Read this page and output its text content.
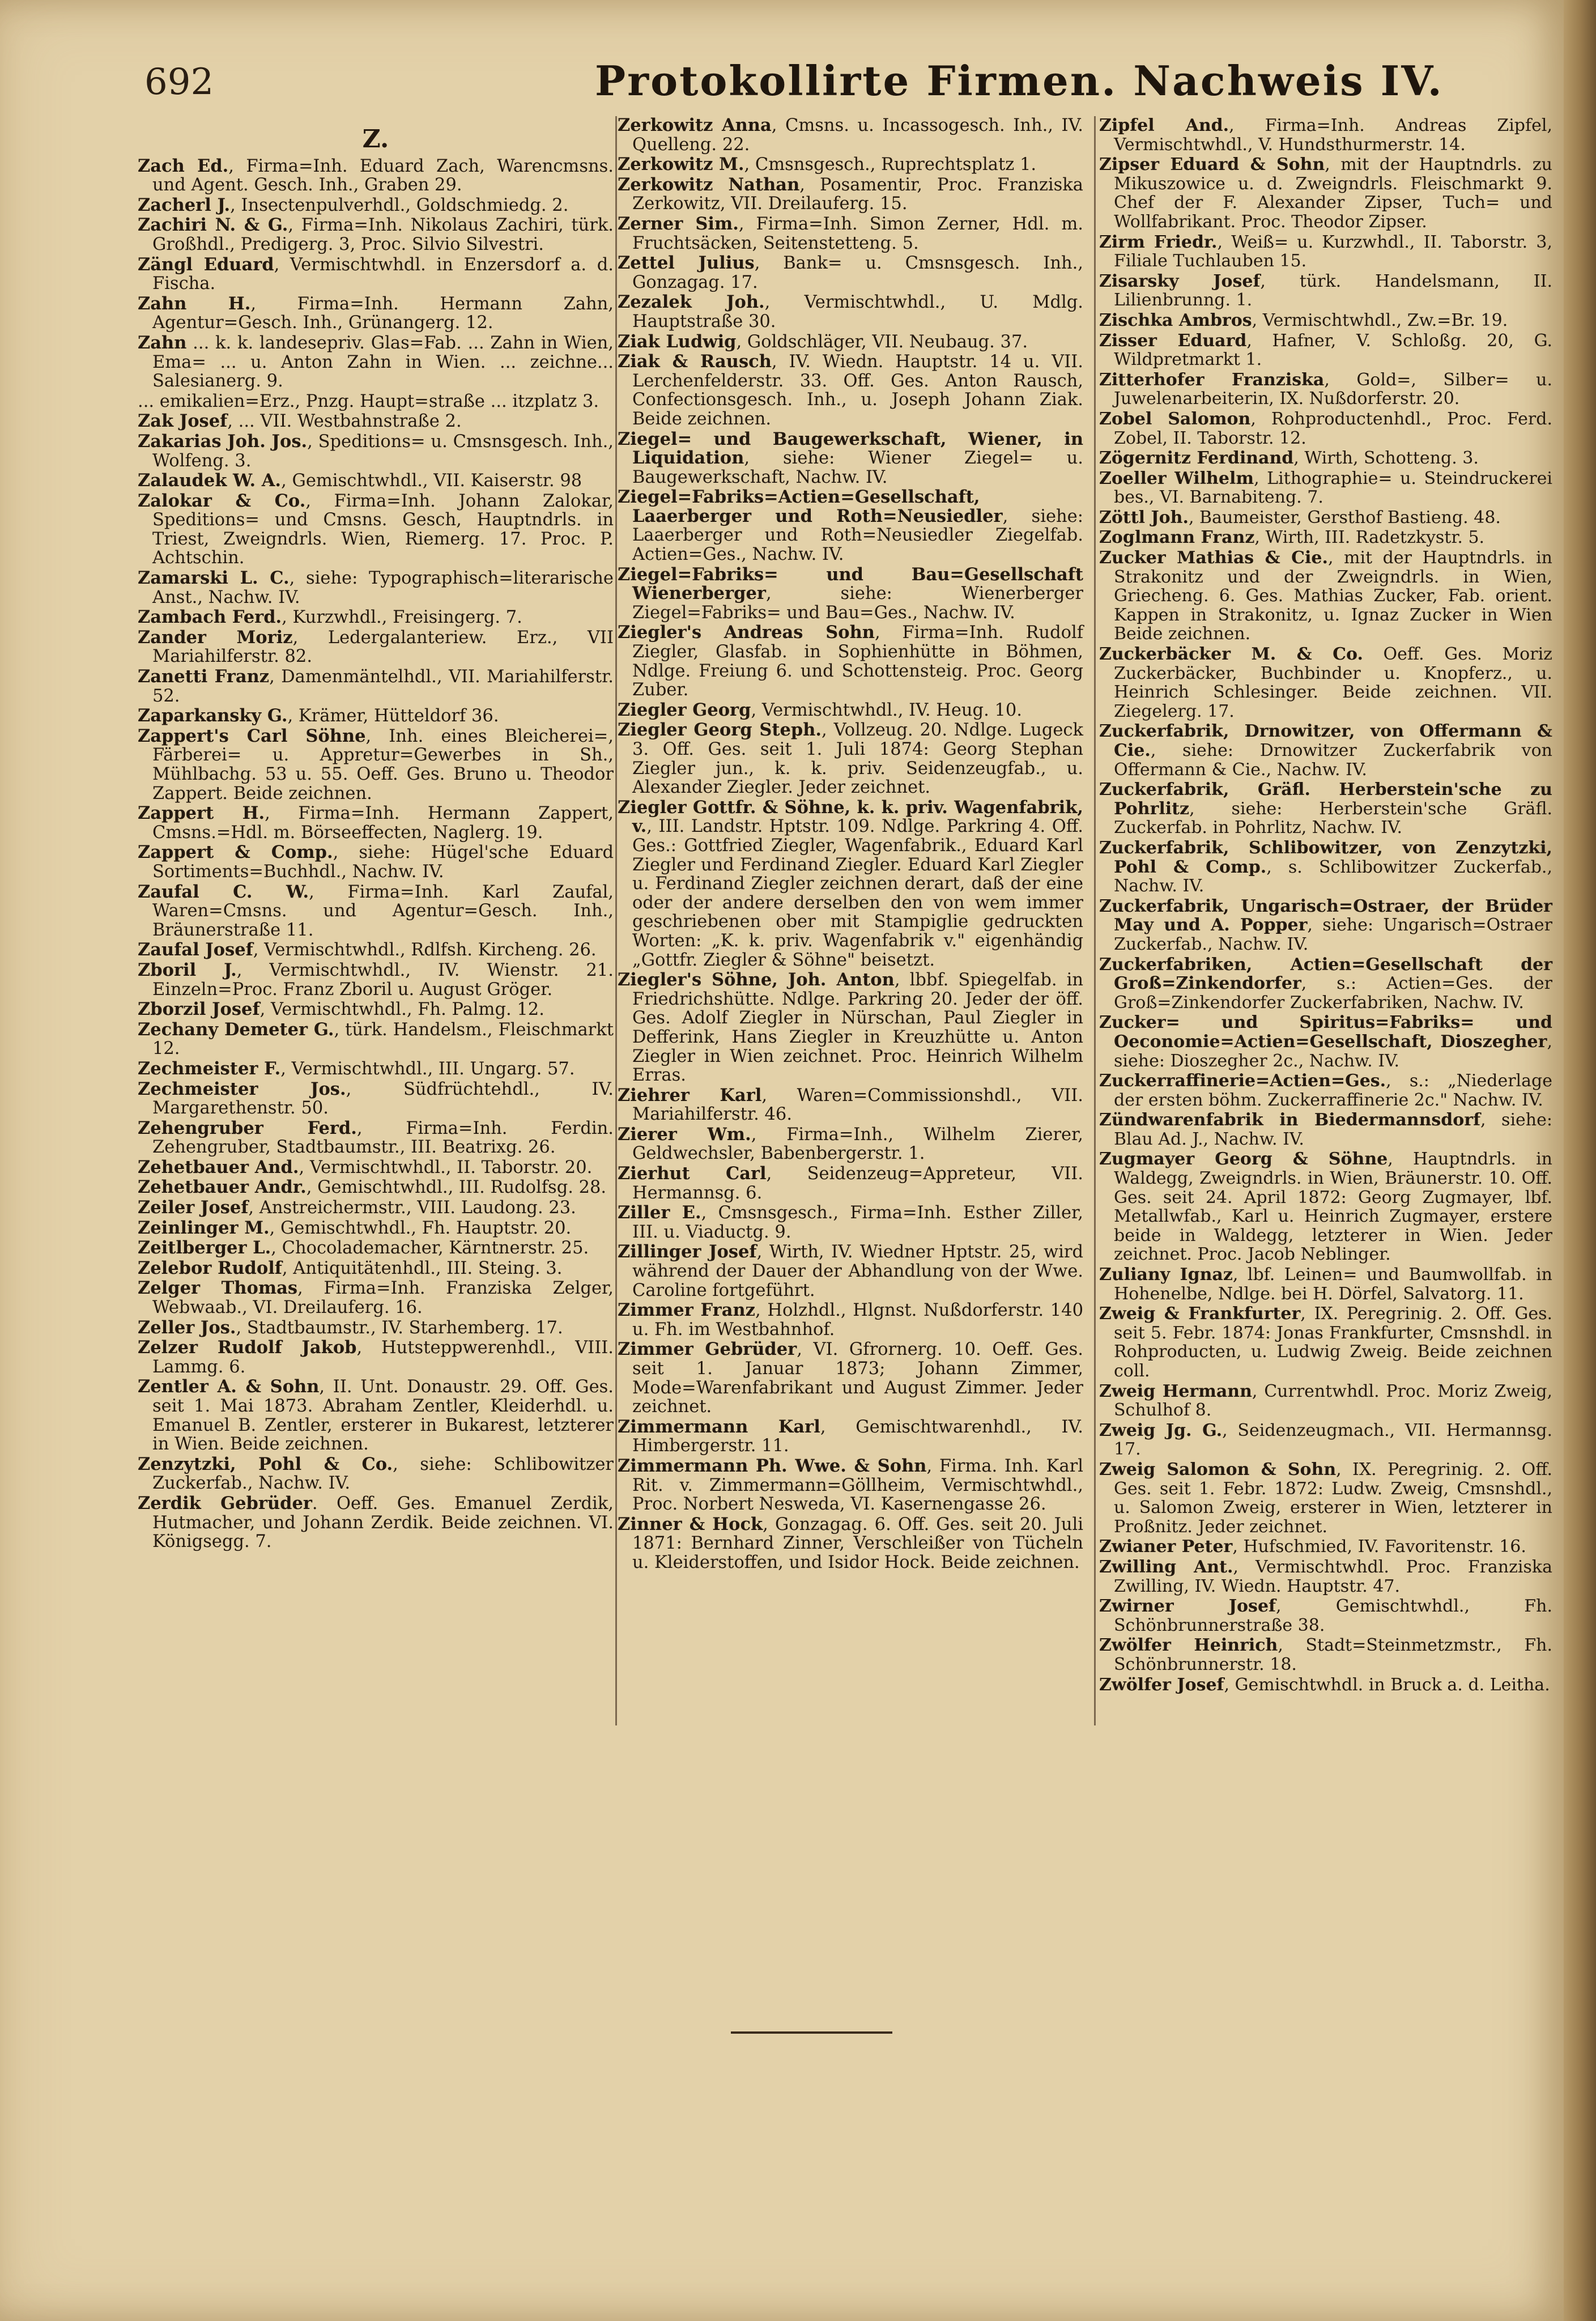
692	Protokollirte Firmen. Nachweis IV.
Z.
Zach Ed., Firma=Inh. Eduard Zach, Warencmsns. und Agent. Gesch. Inh., Graben 29.
Zacherl J., Insectenpulverhdl., Goldschmiedg. 2.
Zachiri N. & G., Firma=Inh. Nikolaus Zachiri, türk. Großhdl., Predigerg. 3, Proc. Silvio Silvestri.
Zängl Eduard, Vermischtwhdl. in Enzersdorf a. d. Fischa.
Zahn H., Firma=Inh. Hermann Zahn, Agentur=Gesch. Inh., Grünangerg. 12.
Zahn ... k. k. landesepriv. Glas=Fab. ... Zahn in Wien, Ema= ... u. Anton Zahn in Wien. ... zeichne... Salesianerg. 9.
... emikalien=Erz., Pnzg. Haupt=straße ... itzplatz 3.
Zak Josef, ... VII. Westbahnstraße 2.
Zakarias Joh. Jos., Speditions= u. Cmsnsgesch. Inh., Wolfeng. 3.
Zalaudek W. A., Gemischtwhdl., VII. Kaiserstr. 98
Zalokar & Co., Firma=Inh. Johann Zalokar, Speditions= und Cmsns. Gesch, Hauptndrls. in Triest, Zweigndrls. Wien, Riemerg. 17. Proc. P. Achtschin.
Zamarski L. C., siehe: Typographisch=literarische Anst., Nachw. IV.
Zambach Ferd., Kurzwhdl., Freisingerg. 7.
Zander Moriz, Ledergalanteriew. Erz., VII Mariahilferstr. 82.
Zanetti Franz, Damenmäntelhdl., VII. Mariahilferstr. 52.
Zaparkansky G., Krämer, Hütteldorf 36.
Zappert's Carl Söhne, Inh. eines Bleicherei=, Färberei= u. Appretur=Gewerbes in Sh., Mühlbachg. 53 u. 55. Oeff. Ges. Bruno u. Theodor Zappert. Beide zeichnen.
Zappert H., Firma=Inh. Hermann Zappert, Cmsns.=Hdl. m. Börseeffecten, Naglerg. 19.
Zappert & Comp., siehe: Hügel'sche Eduard Sortiments=Buchhdl., Nachw. IV.
Zaufal C. W., Firma=Inh. Karl Zaufal, Waren=Cmsns. und Agentur=Gesch. Inh., Bräunerstraße 11.
Zaufal Josef, Vermischtwhdl., Rdlfsh. Kircheng. 26.
Zboril J., Vermischtwhdl., IV. Wienstr. 21. Einzeln=Proc. Franz Zboril u. August Gröger.
Zborzil Josef, Vermischtwhdl., Fh. Palmg. 12.
Zechany Demeter G., türk. Handelsm., Fleischmarkt 12.
Zechmeister F., Vermischtwhdl., III. Ungarg. 57.
Zechmeister Jos., Südfrüchtehdl., IV. Margarethenstr. 50.
Zehengruber Ferd., Firma=Inh. Ferdin. Zehengruber, Stadtbaumstr., III. Beatrixg. 26.
Zehetbauer And., Vermischtwhdl., II. Taborstr. 20.
Zehetbauer Andr., Gemischtwhdl., III. Rudolfsg. 28.
Zeiler Josef, Anstreichermstr., VIII. Laudong. 23.
Zeinlinger M., Gemischtwhdl., Fh. Hauptstr. 20.
Zeitlberger L., Chocolademacher, Kärntnerstr. 25.
Zelebor Rudolf, Antiquitätenhdl., III. Steing. 3.
Zelger Thomas, Firma=Inh. Franziska Zelger, Webwaab., VI. Dreilauferg. 16.
Zeller Jos., Stadtbaumstr., IV. Starhemberg. 17.
Zelzer Rudolf Jakob, Hutsteppwerenhdl., VIII. Lammg. 6.
Zentler A. & Sohn, II. Unt. Donaustr. 29. Off. Ges. seit 1. Mai 1873. Abraham Zentler, Kleiderhdl. u. Emanuel B. Zentler, ersterer in Bukarest, letzterer in Wien. Beide zeichnen.
Zenzytzki, Pohl & Co., siehe: Schlibowitzer Zuckerfab., Nachw. IV.
Zerdik Gebrüder. Oeff. Ges. Emanuel Zerdik, Hutmacher, und Johann Zerdik. Beide zeichnen. VI. Königsegg. 7.
Zerkowitz Anna, Cmsns. u. Incassogesch. Inh., IV. Quelleng. 22.
Zerkowitz M., Cmsnsgesch., Ruprechtsplatz 1.
Zerkowitz Nathan, Posamentir, Proc. Franziska Zerkowitz, VII. Dreilauferg. 15.
Zerner Sim., Firma=Inh. Simon Zerner, Hdl. m. Fruchtsäcken, Seitenstetteng. 5.
Zettel Julius, Bank= u. Cmsnsgesch. Inh., Gonzagag. 17.
Zezalek Joh., Vermischtwhdl., U. Mdlg. Hauptstraße 30.
Ziak Ludwig, Goldschläger, VII. Neubaug. 37.
Ziak & Rausch, IV. Wiedn. Hauptstr. 14 u. VII. Lerchenfelderstr. 33. Off. Ges. Anton Rausch, Confectionsgesch. Inh., u. Joseph Johann Ziak. Beide zeichnen.
Ziegel= und Baugewerkschaft, Wiener, in Liquidation, siehe: Wiener Ziegel= u. Baugewerkschaft, Nachw. IV.
Ziegel=Fabriks=Actien=Gesellschaft, Laaerberger und Roth=Neusiedler, siehe: Laaerberger und Roth=Neusiedler Ziegelfab. Actien=Ges., Nachw. IV.
Ziegel=Fabriks= und Bau=Gesellschaft Wienerberger, siehe: Wienerberger Ziegel=Fabriks= und Bau=Ges., Nachw. IV.
Ziegler's Andreas Sohn, Firma=Inh. Rudolf Ziegler, Glasfab. in Sophienhütte in Böhmen, Ndlge. Freiung 6. und Schottensteig. Proc. Georg Zuber.
Ziegler Georg, Vermischtwhdl., IV. Heug. 10.
Ziegler Georg Steph., Vollzeug. 20. Ndlge. Lugeck 3. Off. Ges. seit 1. Juli 1874: Georg Stephan Ziegler jun., k. k. priv. Seidenzeugfab., u. Alexander Ziegler. Jeder zeichnet.
Ziegler Gottfr. & Söhne, k. k. priv. Wagenfabrik, v., III. Landstr. Hptstr. 109. Ndlge. Parkring 4. Off. Ges.: Gottfried Ziegler, Wagenfabrik., Eduard Karl Ziegler und Ferdinand Ziegler. Eduard Karl Ziegler u. Ferdinand Ziegler zeichnen derart, daß der eine oder der andere derselben den von wem immer geschriebenen ober mit Stampiglie gedruckten Worten: „K. k. priv. Wagenfabrik v." eigenhändig „Gottfr. Ziegler & Söhne" beisetzt.
Ziegler's Söhne, Joh. Anton, lbbf. Spiegelfab. in Friedrichshütte. Ndlge. Parkring 20. Jeder der öff. Ges. Adolf Ziegler in Nürschan, Paul Ziegler in Defferink, Hans Ziegler in Kreuzhütte u. Anton Ziegler in Wien zeichnet. Proc. Heinrich Wilhelm Erras.
Ziehrer Karl, Waren=Commissionshdl., VII. Mariahilferstr. 46.
Zierer Wm., Firma=Inh., Wilhelm Zierer, Geldwechsler, Babenbergerstr. 1.
Zierhut Carl, Seidenzeug=Appreteur, VII. Hermannsg. 6.
Ziller E., Cmsnsgesch., Firma=Inh. Esther Ziller, III. u. Viaductg. 9.
Zillinger Josef, Wirth, IV. Wiedner Hptstr. 25, wird während der Dauer der Abhandlung von der Wwe. Caroline fortgeführt.
Zimmer Franz, Holzhdl., Hlgnst. Nußdorferstr. 140 u. Fh. im Westbahnhof.
Zimmer Gebrüder, VI. Gfrornerg. 10. Oeff. Ges. seit 1. Januar 1873; Johann Zimmer, Mode=Warenfabrikant und August Zimmer. Jeder zeichnet.
Zimmermann Karl, Gemischtwarenhdl., IV. Himbergerstr. 11.
Zimmermann Ph. Wwe. & Sohn, Firma. Inh. Karl Rit. v. Zimmermann=Göllheim, Vermischtwhdl., Proc. Norbert Nesweda, VI. Kasernengasse 26.
Zinner & Hock, Gonzagag. 6. Off. Ges. seit 20. Juli 1871: Bernhard Zinner, Verschleißer von Tücheln u. Kleiderstoffen, und Isidor Hock. Beide zeichnen.
Zipfel And., Firma=Inh. Andreas Zipfel, Vermischtwhdl., V. Hundsthurmerstr. 14.
Zipser Eduard & Sohn, mit der Hauptndrls. zu Mikuszowice u. d. Zweigndrls. Fleischmarkt 9. Chef der F. Alexander Zipser, Tuch= und Wollfabrikant. Proc. Theodor Zipser.
Zirm Friedr., Weiß= u. Kurzwhdl., II. Taborstr. 3, Filiale Tuchlauben 15.
Zisarsky Josef, türk. Handelsmann, II. Lilienbrunng. 1.
Zischka Ambros, Vermischtwhdl., Zw.=Br. 19.
Zisser Eduard, Hafner, V. Schloßg. 20, G. Wildpretmarkt 1.
Zitterhofer Franziska, Gold=, Silber= u. Juwelenarbeiterin, IX. Nußdorferstr. 20.
Zobel Salomon, Rohproductenhdl., Proc. Ferd. Zobel, II. Taborstr. 12.
Zögernitz Ferdinand, Wirth, Schotteng. 3.
Zoeller Wilhelm, Lithographie= u. Steindruckerei bes., VI. Barnabiteng. 7.
Zöttl Joh., Baumeister, Gersthof Bastieng. 48.
Zoglmann Franz, Wirth, III. Radetzkystr. 5.
Zucker Mathias & Cie., mit der Hauptndrls. in Strakonitz und der Zweigndrls. in Wien, Griecheng. 6. Ges. Mathias Zucker, Fab. orient. Kappen in Strakonitz, u. Ignaz Zucker in Wien Beide zeichnen.
Zuckerbäcker M. & Co. Oeff. Ges. Moriz Zuckerbäcker, Buchbinder u. Knopferz., u. Heinrich Schlesinger. Beide zeichnen. VII. Ziegelerg. 17.
Zuckerfabrik, Drnowitzer, von Offermann & Cie., siehe: Drnowitzer Zuckerfabrik von Offermann & Cie., Nachw. IV.
Zuckerfabrik, Gräfl. Herberstein'sche zu Pohrlitz, siehe: Herberstein'sche Gräfl. Zuckerfab. in Pohrlitz, Nachw. IV.
Zuckerfabrik, Schlibowitzer, von Zenzytzki, Pohl & Comp., s. Schlibowitzer Zuckerfab., Nachw. IV.
Zuckerfabrik, Ungarisch=Ostraer, der Brüder May und A. Popper, siehe: Ungarisch=Ostraer Zuckerfab., Nachw. IV.
Zuckerfabriken, Actien=Gesellschaft der Groß=Zinkendorfer, s.: Actien=Ges. der Groß=Zinkendorfer Zuckerfabriken, Nachw. IV.
Zucker= und Spiritus=Fabriks= und Oeconomie=Actien=Gesellschaft, Dioszegher, siehe: Dioszegher 2c., Nachw. IV.
Zuckerraffinerie=Actien=Ges., s.: „Niederlage der ersten böhm. Zuckerraffinerie 2c." Nachw. IV.
Zündwarenfabrik in Biedermannsdorf, siehe: Blau Ad. J., Nachw. IV.
Zugmayer Georg & Söhne, Hauptndrls. in Waldegg, Zweigndrls. in Wien, Bräunerstr. 10. Off. Ges. seit 24. April 1872: Georg Zugmayer, lbf. Metallwfab., Karl u. Heinrich Zugmayer, erstere beide in Waldegg, letzterer in Wien. Jeder zeichnet. Proc. Jacob Neblinger.
Zuliany Ignaz, lbf. Leinen= und Baumwollfab. in Hohenelbe, Ndlge. bei H. Dörfel, Salvatorg. 11.
Zweig & Frankfurter, IX. Peregrinig. 2. Off. Ges. seit 5. Febr. 1874: Jonas Frankfurter, Cmsnshdl. in Rohproducten, u. Ludwig Zweig. Beide zeichnen coll.
Zweig Hermann, Currentwhdl. Proc. Moriz Zweig, Schulhof 8.
Zweig Jg. G., Seidenzeugmach., VII. Hermannsg. 17.
Zweig Salomon & Sohn, IX. Peregrinig. 2. Off. Ges. seit 1. Febr. 1872: Ludw. Zweig, Cmsnshdl., u. Salomon Zweig, ersterer in Wien, letzterer in Proßnitz. Jeder zeichnet.
Zwianer Peter, Hufschmied, IV. Favoritenstr. 16.
Zwilling Ant., Vermischtwhdl. Proc. Franziska Zwilling, IV. Wiedn. Hauptstr. 47.
Zwirner Josef, Gemischtwhdl., Fh. Schönbrunnerstraße 38.
Zwölfer Heinrich, Stadt=Steinmetzmstr., Fh. Schönbrunnerstr. 18.
Zwölfer Josef, Gemischtwhdl. in Bruck a. d. Leitha.
